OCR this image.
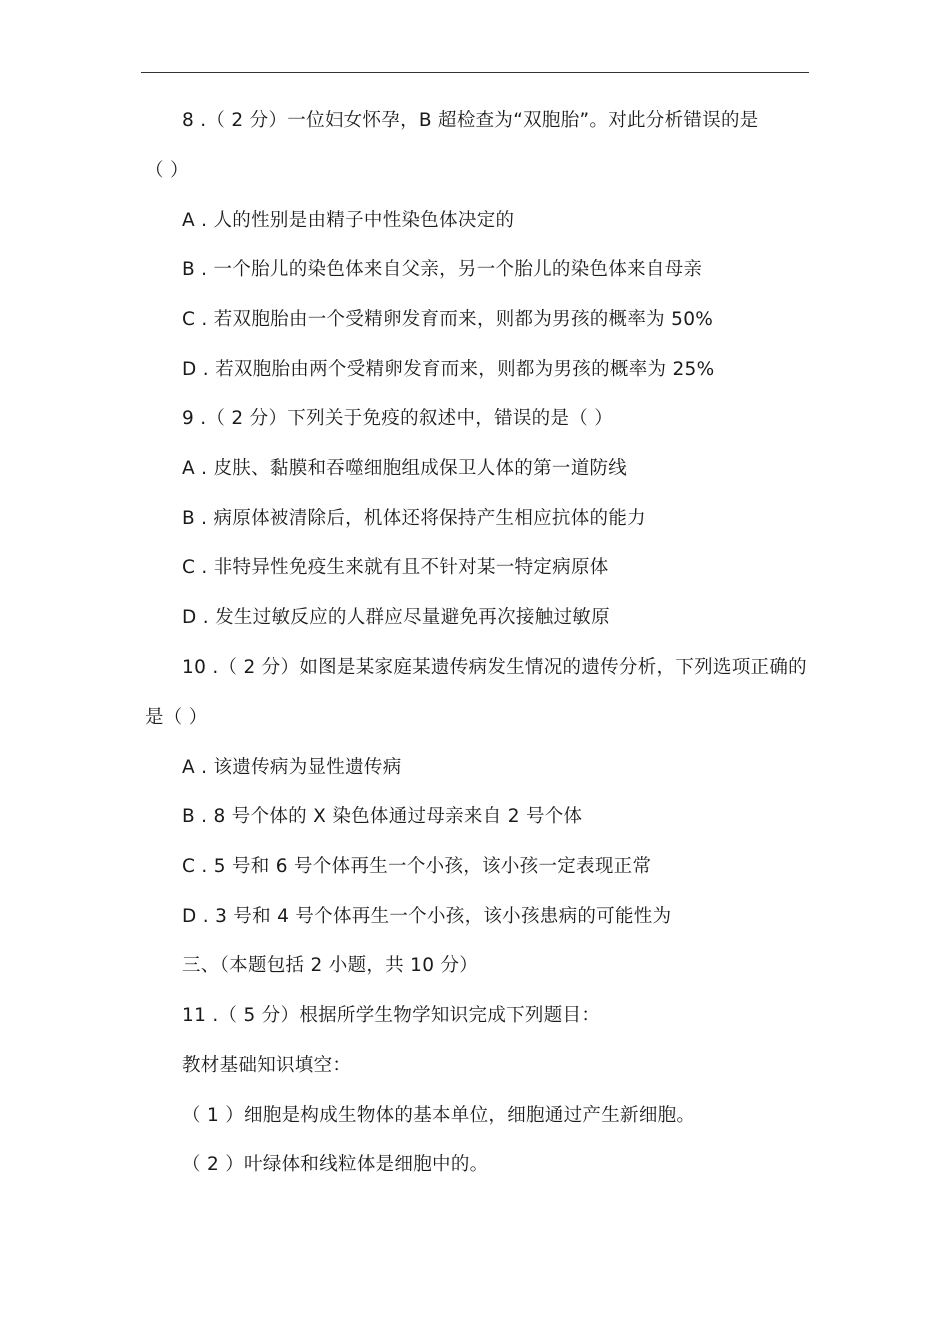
8 .（ 2 分）一位妇女怀孕，B 超检查为“双胞胎”。对此分析错误的是
（ ）
A . 人的性别是由精子中性染色体决定的
B . 一个胎儿的染色体来自父亲，另一个胎儿的染色体来自母亲
C . 若双胞胎由一个受精卵发育而来，则都为男孩的概率为 50%
D . 若双胞胎由两个受精卵发育而来，则都为男孩的概率为 25%
9 .（ 2 分）下列关于免疫的叙述中，错误的是（ ）
A . 皮肤、黏膜和吞噬细胞组成保卫人体的第一道防线
B . 病原体被清除后，机体还将保持产生相应抗体的能力
C . 非特异性免疫生来就有且不针对某一特定病原体
D . 发生过敏反应的人群应尽量避免再次接触过敏原
10 .（ 2 分）如图是某家庭某遗传病发生情况的遗传分析，下列选项正确的
是（ ）
A . 该遗传病为显性遗传病
B . 8 号个体的 X 染色体通过母亲来自 2 号个体
C . 5 号和 6 号个体再生一个小孩，该小孩一定表现正常
D . 3 号和 4 号个体再生一个小孩，该小孩患病的可能性为
三、（本题包括 2 小题，共 10 分）
11 .（ 5 分）根据所学生物学知识完成下列题目：
教材基础知识填空：
（ 1 ）细胞是构成生物体的基本单位，细胞通过产生新细胞。
（ 2 ）叶绿体和线粒体是细胞中的。
